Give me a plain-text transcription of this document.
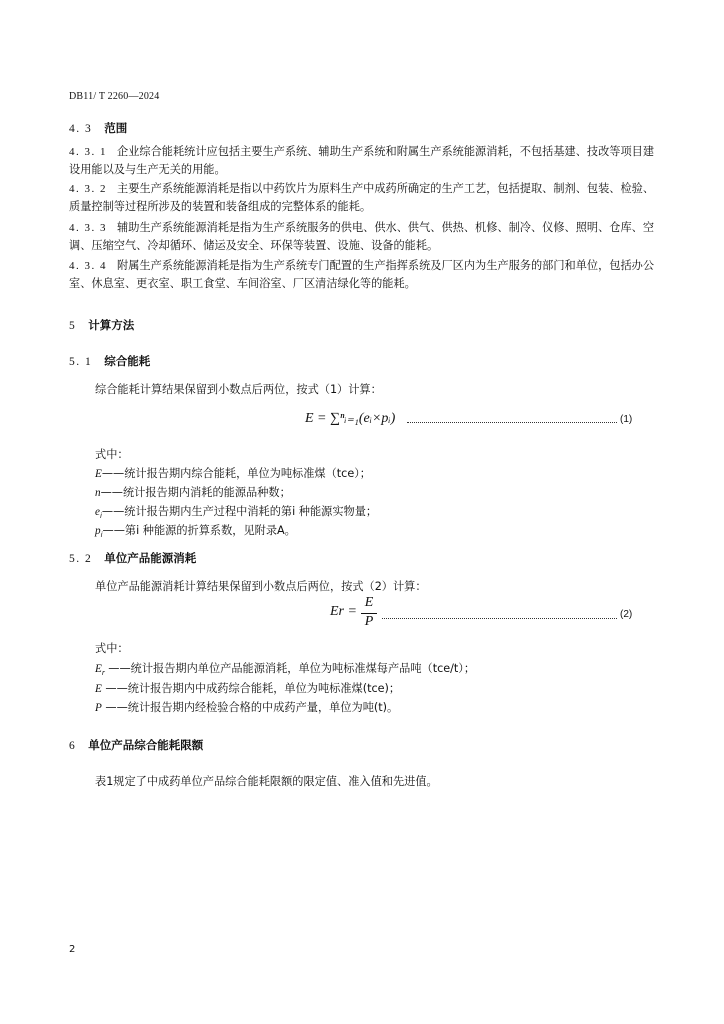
DB11/ T 2260—2024
4. 3 范围
4. 3. 1 企业综合能耗统计应包括主要生产系统、辅助生产系统和附属生产系统能源消耗，不包括基建、技改等项目建设用能以及与生产无关的用能。
4. 3. 2 主要生产系统能源消耗是指以中药饮片为原料生产中成药所确定的生产工艺，包括提取、制剂、包装、检验、质量控制等过程所涉及的装置和装备组成的完整体系的能耗。
4. 3. 3 辅助生产系统能源消耗是指为生产系统服务的供电、供水、供气、供热、机修、制冷、仪修、照明、仓库、空调、压缩空气、冷却循环、储运及安全、环保等装置、设施、设备的能耗。
4. 3. 4 附属生产系统能源消耗是指为生产系统专门配置的生产指挥系统及厂区内为生产服务的部门和单位，包括办公室、休息室、更衣室、职工食堂、车间浴室、厂区清洁绿化等的能耗。
5 计算方法
5. 1 综合能耗
综合能耗计算结果保留到小数点后两位，按式（1）计算：
E = ∑ⁿᵢ₌₁(eᵢ×pᵢ)	(1)
式中：
E——统计报告期内综合能耗，单位为吨标准煤（tce）；
n——统计报告期内消耗的能源品种数；
$e_i——$统计报告期内生产过程中消耗的第i 种能源实物量；
$p_i——$第i 种能源的折算系数，见附录A。
5. 2 单位产品能源消耗
单位产品能源消耗计算结果保留到小数点后两位，按式（2）计算：
Er =
E
P	(2)
式中：
$E_r$ ——统计报告期内单位产品能源消耗，单位为吨标准煤每产品吨（tce/t）；
E ——统计报告期内中成药综合能耗，单位为吨标准煤(tce)；
P ——统计报告期内经检验合格的中成药产量，单位为吨(t)。
6 单位产品综合能耗限额
表1规定了中成药单位产品综合能耗限额的限定值、准入值和先进值。
2
